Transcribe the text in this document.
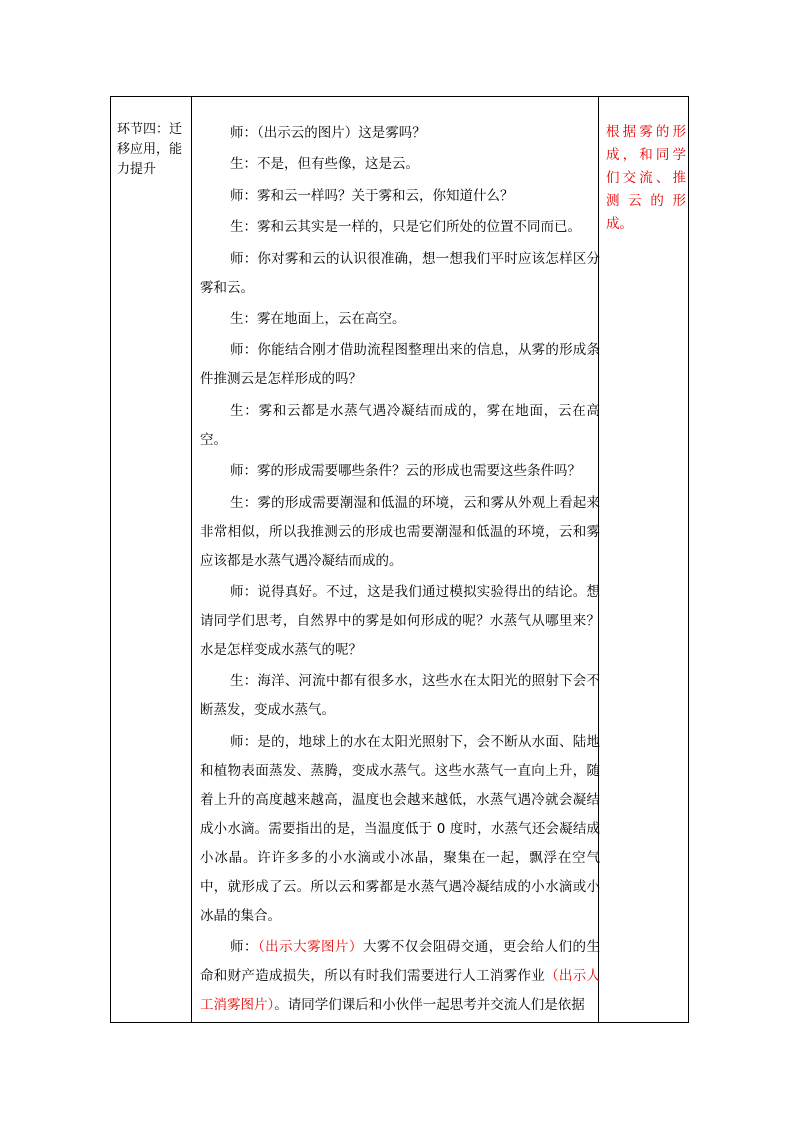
环节四：迁移应用，能力提升

师：（出示云的图片）这是雾吗？

生：不是，但有些像，这是云。

师：雾和云一样吗？关于雾和云，你知道什么？

生：雾和云其实是一样的，只是它们所处的位置不同而已。

师：你对雾和云的认识很准确，想一想我们平时应该怎样区分雾和云。

生：雾在地面上，云在高空。

师：你能结合刚才借助流程图整理出来的信息，从雾的形成条件推测云是怎样形成的吗？

生：雾和云都是水蒸气遇冷凝结而成的，雾在地面，云在高空。

师：雾的形成需要哪些条件？云的形成也需要这些条件吗？

生：雾的形成需要潮湿和低温的环境，云和雾从外观上看起来非常相似，所以我推测云的形成也需要潮湿和低温的环境，云和雾应该都是水蒸气遇冷凝结而成的。

师：说得真好。不过，这是我们通过模拟实验得出的结论。想请同学们思考，自然界中的雾是如何形成的呢？水蒸气从哪里来？水是怎样变成水蒸气的呢？

生：海洋、河流中都有很多水，这些水在太阳光的照射下会不断蒸发，变成水蒸气。

师：是的，地球上的水在太阳光照射下，会不断从水面、陆地和植物表面蒸发、蒸腾，变成水蒸气。这些水蒸气一直向上升，随着上升的高度越来越高，温度也会越来越低，水蒸气遇冷就会凝结成小水滴。需要指出的是，当温度低于 0 度时，水蒸气还会凝结成小冰晶。许许多多的小水滴或小冰晶，聚集在一起，飘浮在空气中，就形成了云。所以云和雾都是水蒸气遇冷凝结成的小水滴或小冰晶的集合。

师：（出示大雾图片）大雾不仅会阻碍交通，更会给人们的生命和财产造成损失，所以有时我们需要进行人工消雾作业（出示人工消雾图片）。请同学们课后和小伙伴一起思考并交流人们是依据

根据雾的形成，和同学们交流、推测云的形成。
